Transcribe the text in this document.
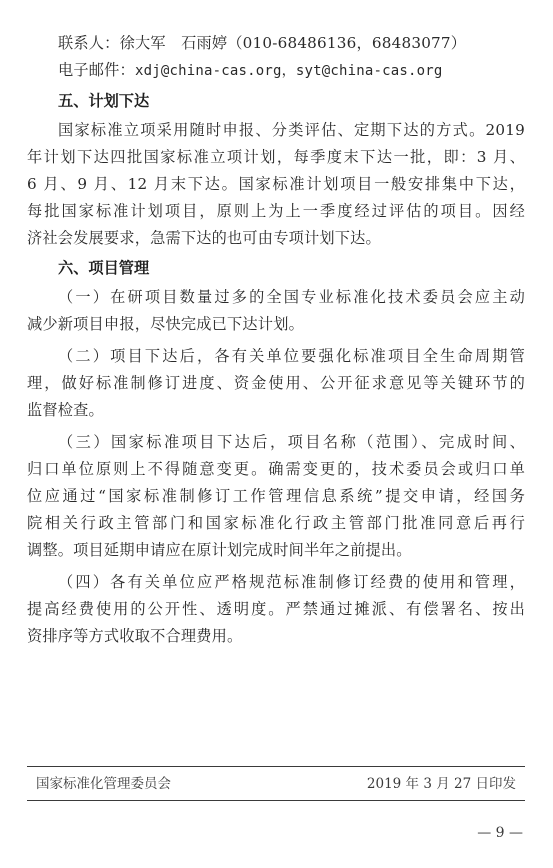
联系人：徐大军　石雨婷（010-68486136，68483077）
电子邮件：xdj@china-cas.org，syt@china-cas.org
五、计划下达
国家标准立项采用随时申报、分类评估、定期下达的方式。2019
年计划下达四批国家标准立项计划，每季度末下达一批，即：3 月、
6 月、9 月、12 月末下达。国家标准计划项目一般安排集中下达，
每批国家标准计划项目，原则上为上一季度经过评估的项目。因经
济社会发展要求，急需下达的也可由专项计划下达。
六、项目管理
（一）在研项目数量过多的全国专业标准化技术委员会应主动
减少新项目申报，尽快完成已下达计划。
（二）项目下达后，各有关单位要强化标准项目全生命周期管
理，做好标准制修订进度、资金使用、公开征求意见等关键环节的
监督检查。
（三）国家标准项目下达后，项目名称（范围）、完成时间、
归口单位原则上不得随意变更。确需变更的，技术委员会或归口单
位应通过“国家标准制修订工作管理信息系统”提交申请，经国务
院相关行政主管部门和国家标准化行政主管部门批准同意后再行
调整。项目延期申请应在原计划完成时间半年之前提出。
（四）各有关单位应严格规范标准制修订经费的使用和管理，
提高经费使用的公开性、透明度。严禁通过摊派、有偿署名、按出
资排序等方式收取不合理费用。
国家标准化管理委员会	2019 年 3 月 27 日印发
— 9 —
